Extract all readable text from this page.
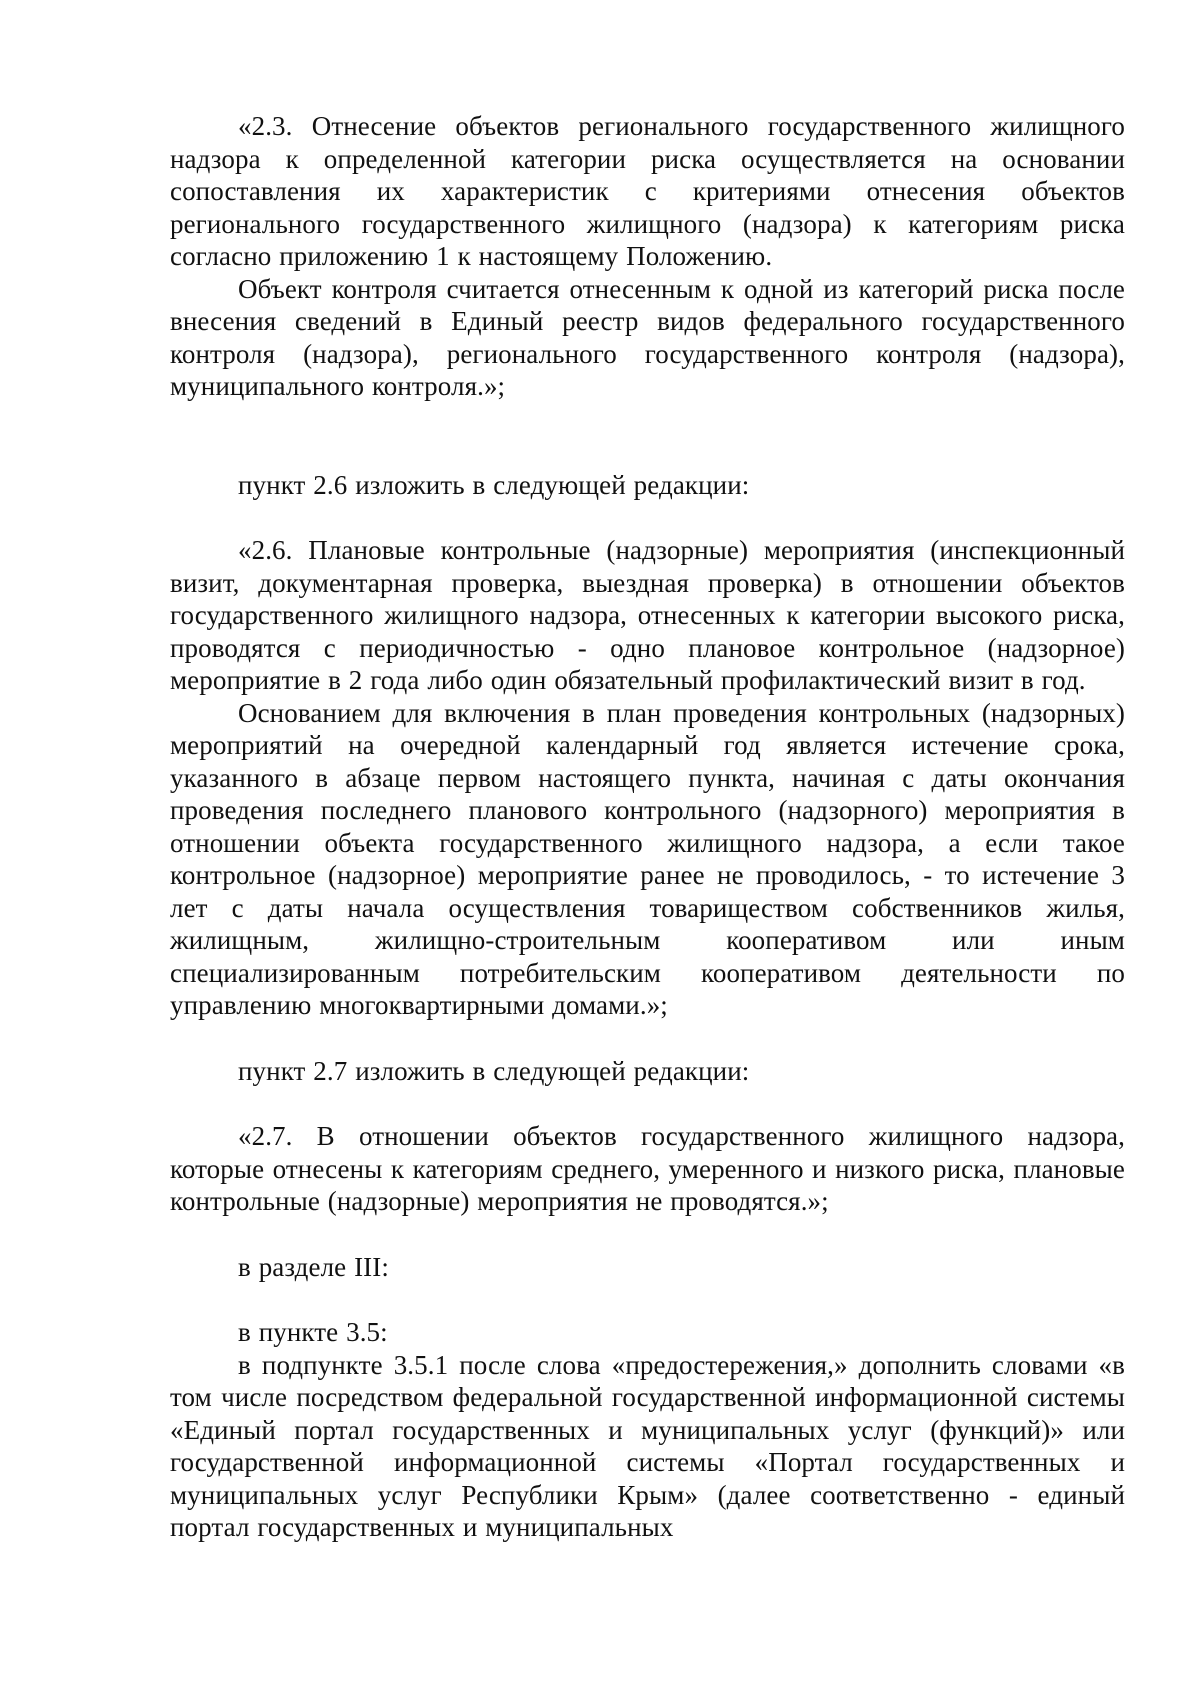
«2.3. Отнесение объектов регионального государственного жилищного надзора к определенной категории риска осуществляется на основании сопоставления их характеристик с критериями отнесения объектов регионального государственного жилищного (надзора) к категориям риска согласно приложению 1 к настоящему Положению.

Объект контроля считается отнесенным к одной из категорий риска после внесения сведений в Единый реестр видов федерального государственного контроля (надзора), регионального государственного контроля (надзора), муниципального контроля.»;

пункт 2.6 изложить в следующей редакции:

«2.6. Плановые контрольные (надзорные) мероприятия (инспекционный визит, документарная проверка, выездная проверка) в отношении объектов государственного жилищного надзора, отнесенных к категории высокого риска, проводятся с периодичностью - одно плановое контрольное (надзорное) мероприятие в 2 года либо один обязательный профилактический визит в год.

Основанием для включения в план проведения контрольных (надзорных) мероприятий на очередной календарный год является истечение срока, указанного в абзаце первом настоящего пункта, начиная с даты окончания проведения последнего планового контрольного (надзорного) мероприятия в отношении объекта государственного жилищного надзора, а если такое контрольное (надзорное) мероприятие ранее не проводилось, - то истечение 3 лет с даты начала осуществления товариществом собственников жилья, жилищным, жилищно-строительным кооперативом или иным специализированным потребительским кооперативом деятельности по управлению многоквартирными домами.»;

пункт 2.7 изложить в следующей редакции:

«2.7. В отношении объектов государственного жилищного надзора, которые отнесены к категориям среднего, умеренного и низкого риска, плановые контрольные (надзорные) мероприятия не проводятся.»;

в разделе III:

в пункте 3.5:

в подпункте 3.5.1 после слова «предостережения,» дополнить словами «в том числе посредством федеральной государственной информационной системы «Единый портал государственных и муниципальных услуг (функций)» или государственной информационной системы «Портал государственных и муниципальных услуг Республики Крым» (далее соответственно - единый портал государственных и муниципальных
